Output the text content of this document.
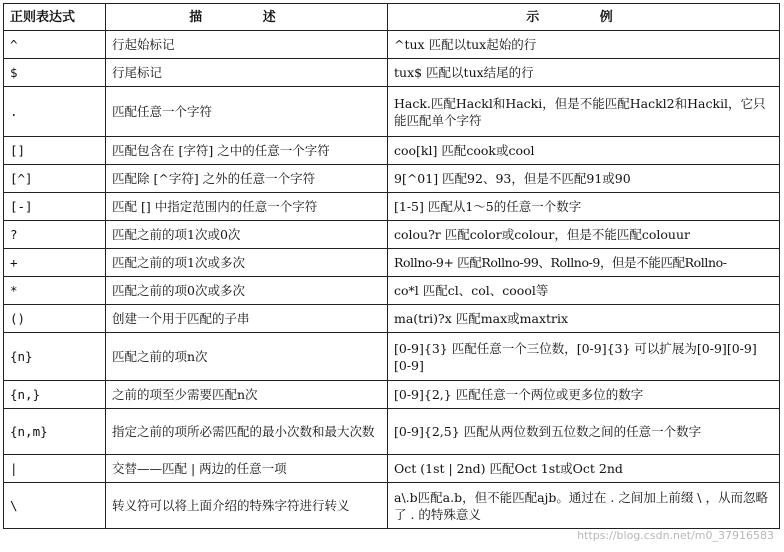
正则表达式	描 述	示 例
^	行起始标记	^tux 匹配以tux起始的行
$	行尾标记	tux$ 匹配以tux结尾的行
.	匹配任意一个字符	Hack.匹配Hackl和Hacki，但是不能匹配Hackl2和Hackil，它只能匹配单个字符
[]	匹配包含在 [字符] 之中的任意一个字符	coo[kl] 匹配cook或cool
[^]	匹配除 [^字符] 之外的任意一个字符	9[^01] 匹配92、93，但是不匹配91或90
[-]	匹配 [] 中指定范围内的任意一个字符	[1-5] 匹配从1～5的任意一个数字
?	匹配之前的项1次或0次	colou?r 匹配color或colour，但是不能匹配colouur
+	匹配之前的项1次或多次	Rollno-9+ 匹配Rollno-99、Rollno-9，但是不能匹配Rollno-
*	匹配之前的项0次或多次	co*l 匹配cl、col、coool等
()	创建一个用于匹配的子串	ma(tri)?x 匹配max或maxtrix
{n}	匹配之前的项n次	[0-9]{3} 匹配任意一个三位数，[0-9]{3} 可以扩展为[0-9][0-9][0-9]
{n,}	之前的项至少需要匹配n次	[0-9]{2,} 匹配任意一个两位或更多位的数字
{n,m}	指定之前的项所必需匹配的最小次数和最大次数	[0-9]{2,5} 匹配从两位数到五位数之间的任意一个数字
|	交替——匹配 | 两边的任意一项	Oct (1st | 2nd) 匹配Oct 1st或Oct 2nd
\	转义符可以将上面介绍的特殊字符进行转义	a\.b匹配a.b，但不能匹配ajb。通过在 . 之间加上前缀 \ ，从而忽略了 . 的特殊意义
https://blog.csdn.net/m0_37916583
